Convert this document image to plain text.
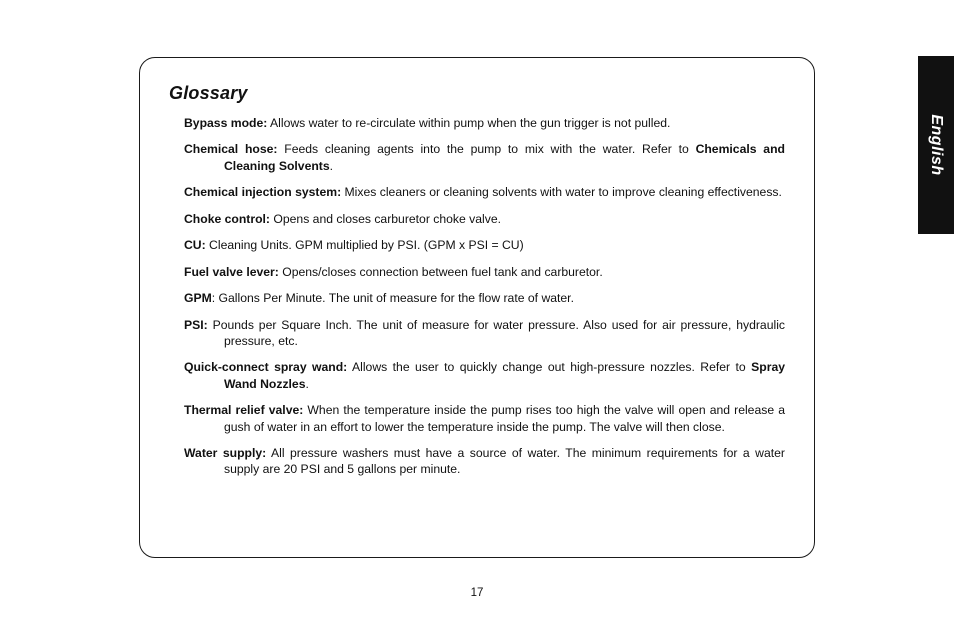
Glossary

Bypass mode: Allows water to re-circulate within pump when the gun trigger is not pulled.

Chemical hose: Feeds cleaning agents into the pump to mix with the water. Refer to Chemicals and Cleaning Solvents.

Chemical injection system: Mixes cleaners or cleaning solvents with water to improve cleaning effectiveness.

Choke control: Opens and closes carburetor choke valve.

CU: Cleaning Units. GPM multiplied by PSI. (GPM x PSI = CU)

Fuel valve lever: Opens/closes connection between fuel tank and carburetor.

GPM: Gallons Per Minute. The unit of measure for the flow rate of water.

PSI: Pounds per Square Inch. The unit of measure for water pressure. Also used for air pressure, hydraulic pressure, etc.

Quick-connect spray wand: Allows the user to quickly change out high-pressure nozzles. Refer to Spray Wand Nozzles.

Thermal relief valve: When the temperature inside the pump rises too high the valve will open and release a gush of water in an effort to lower the temperature inside the pump. The valve will then close.

Water supply: All pressure washers must have a source of water. The minimum requirements for a water supply are 20 PSI and 5 gallons per minute.

English
17
